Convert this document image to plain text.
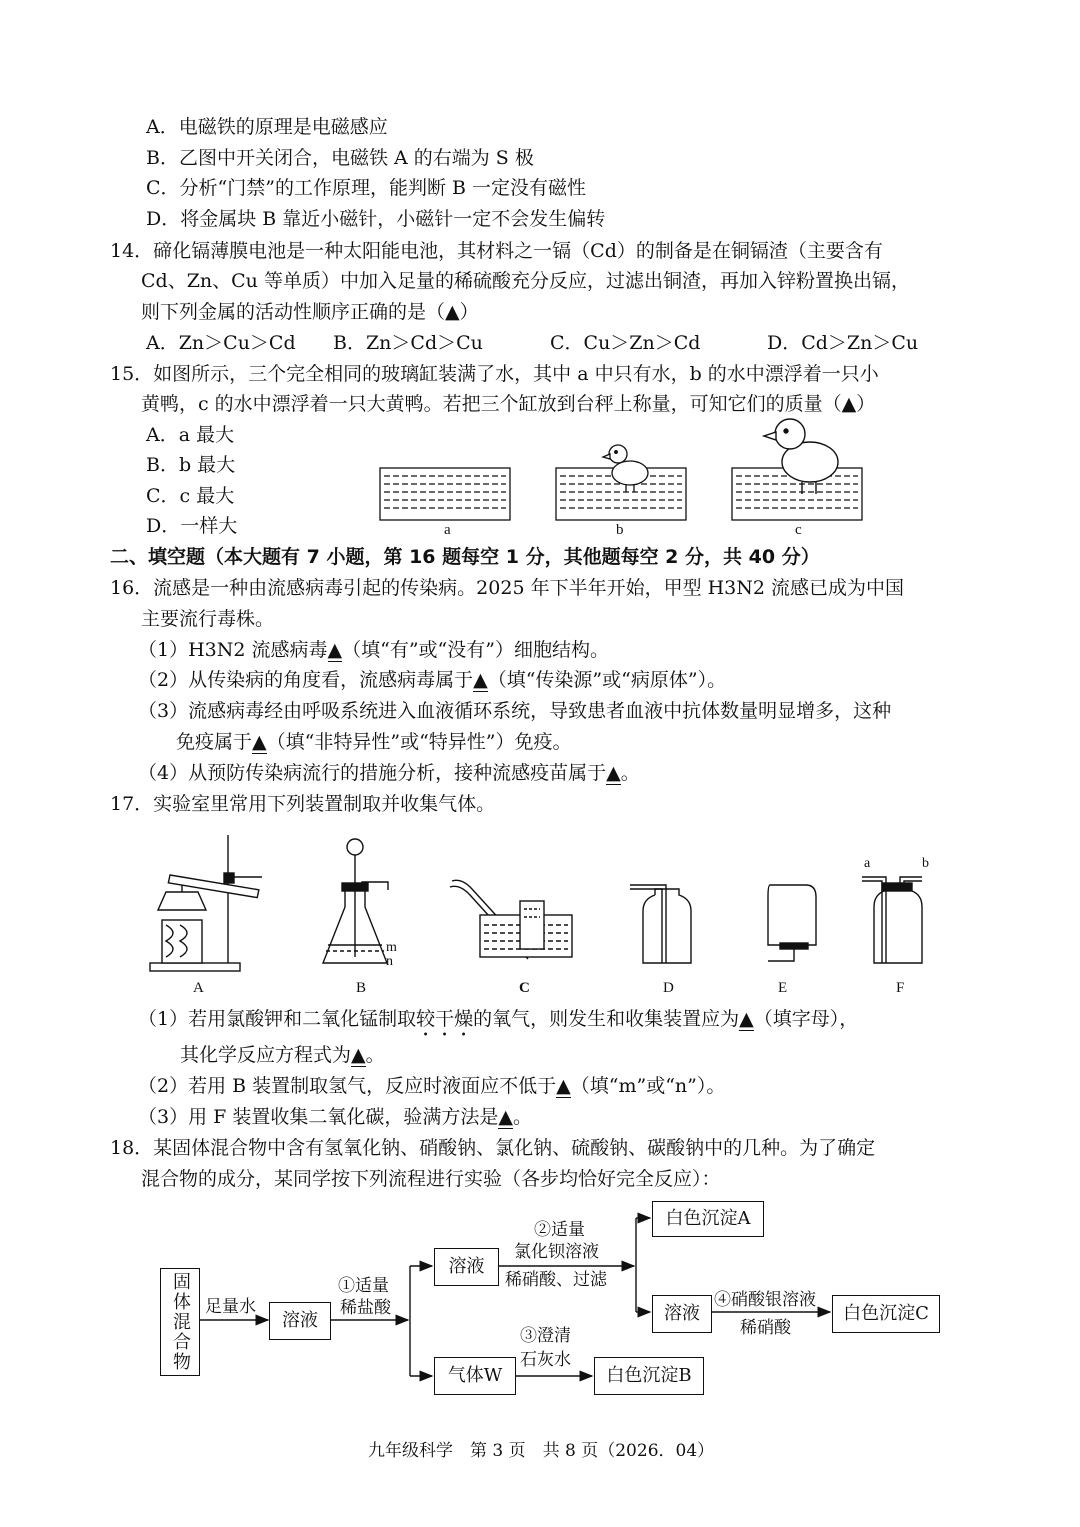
A．电磁铁的原理是电磁感应
B．乙图中开关闭合，电磁铁 A 的右端为 S 极
C．分析“门禁”的工作原理，能判断 B 一定没有磁性
D．将金属块 B 靠近小磁针，小磁针一定不会发生偏转
14．碲化镉薄膜电池是一种太阳能电池，其材料之一镉（Cd）的制备是在铜镉渣（主要含有
Cd、Zn、Cu 等单质）中加入足量的稀硫酸充分反应，过滤出铜渣，再加入锌粉置换出镉，
则下列金属的活动性顺序正确的是（▲）
A．Zn＞Cu＞Cd B．Zn＞Cd＞Cu	C．Cu＞Zn＞Cd	D．Cd＞Zn＞Cu
15．如图所示，三个完全相同的玻璃缸装满了水，其中 a 中只有水，b 的水中漂浮着一只小
黄鸭，c 的水中漂浮着一只大黄鸭。若把三个缸放到台秤上称量，可知它们的质量（▲）
A．a 最大
B．b 最大
C．c 最大
D．一样大	a	b	c
二、填空题（本大题有 7 小题，第 16 题每空 1 分，其他题每空 2 分，共 40 分）
16．流感是一种由流感病毒引起的传染病。2025 年下半年开始，甲型 H3N2 流感已成为中国
主要流行毒株。
（1）H3N2 流感病毒▲（填“有”或“没有”）细胞结构。
（2）从传染病的角度看，流感病毒属于▲（填“传染源”或“病原体”）。
（3）流感病毒经由呼吸系统进入血液循环系统，导致患者血液中抗体数量明显增多，这种
免疫属于▲（填“非特异性”或“特异性”）免疫。
（4）从预防传染病流行的措施分析，接种流感疫苗属于▲。
17．实验室里常用下列装置制取并收集气体。
A	B	C	D	E	F
m
n
a	b
（1）若用氯酸钾和二氧化锰制取较干燥的氧气，则发生和收集装置应为▲（填字母），
其化学反应方程式为▲。
（2）若用 B 装置制取氢气，反应时液面应不低于▲（填“m”或“n”）。
（3）用 F 装置收集二氧化碳，验满方法是▲。
18．某固体混合物中含有氢氧化钠、硝酸钠、氯化钠、硫酸钠、碳酸钠中的几种。为了确定
混合物的成分，某同学按下列流程进行实验（各步均恰好完全反应）：
固体混合物 足量水
溶液
①适量
稀盐酸
溶液
②适量
氯化钡溶液
稀硝酸、过滤
白色沉淀A
溶液
④硝酸银溶液
稀硝酸
白色沉淀C
气体W
③澄清
石灰水
白色沉淀B
九年级科学　第 3 页　共 8 页（2026．04）
